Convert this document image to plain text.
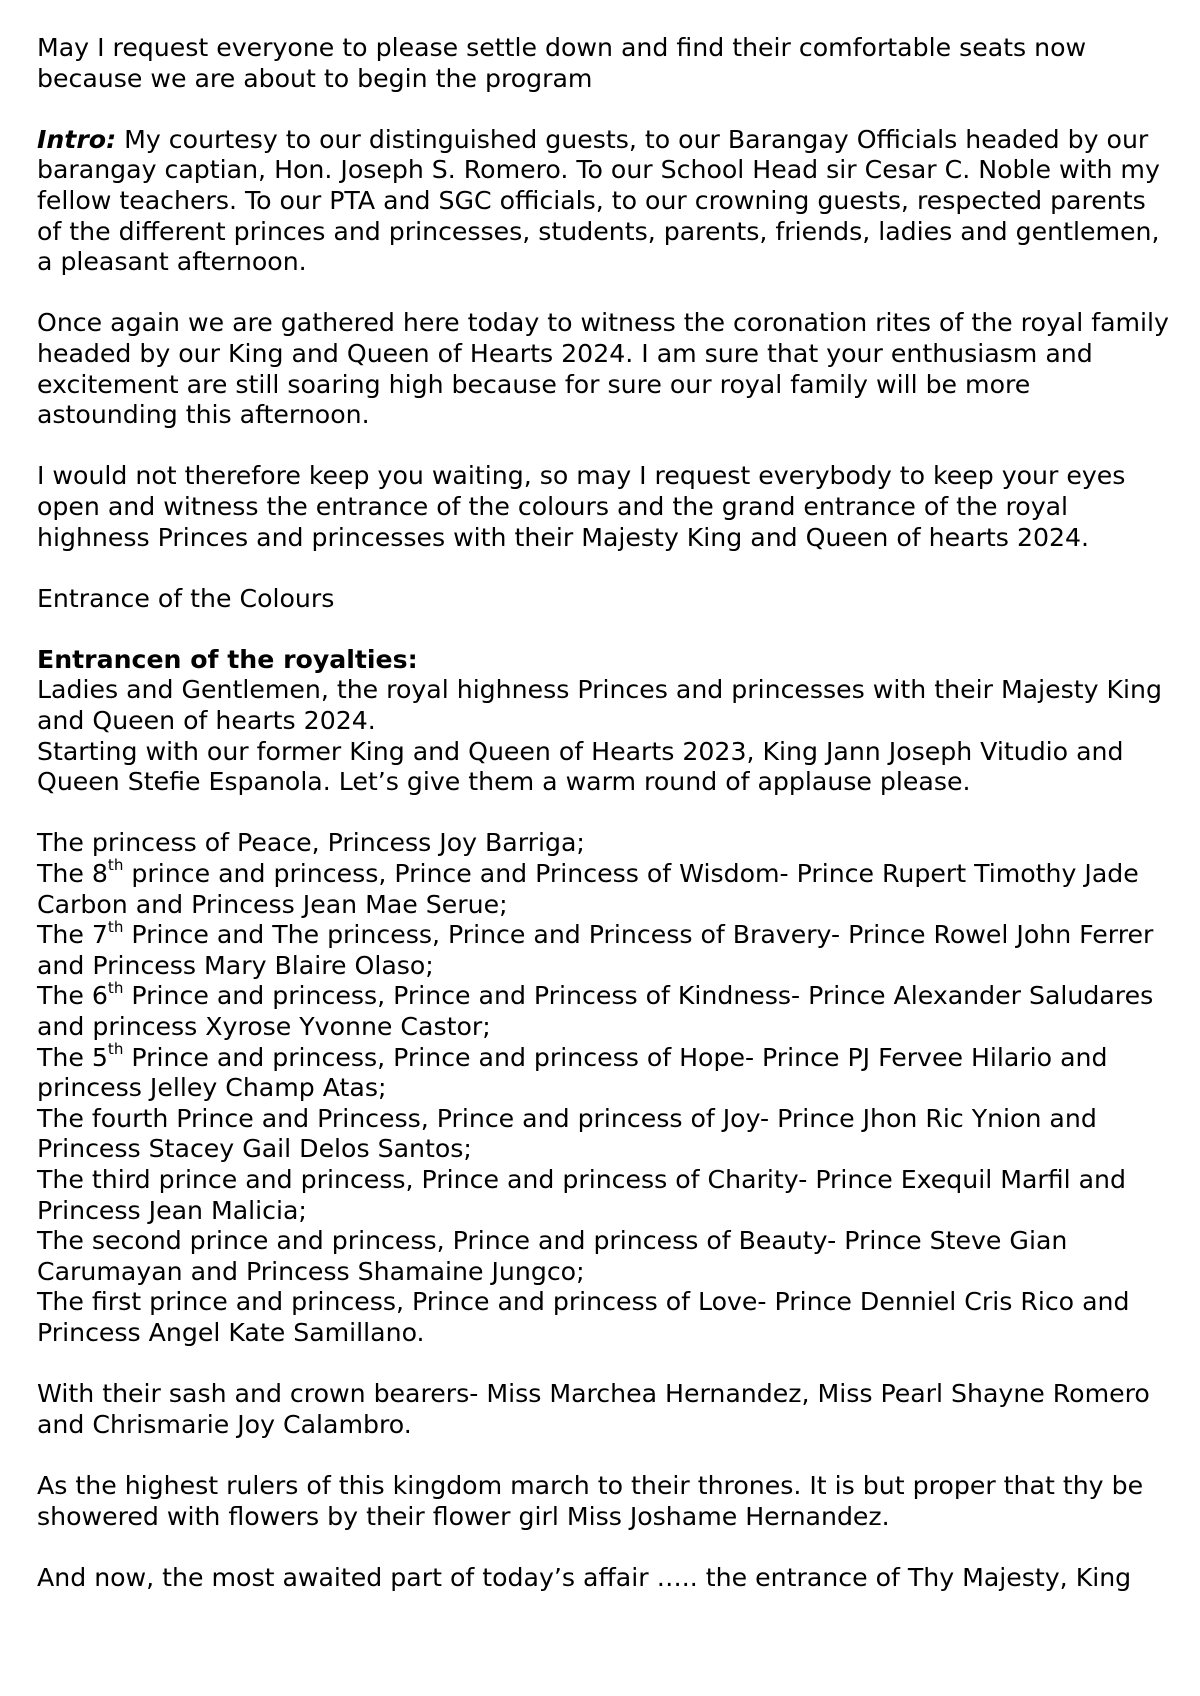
May I request everyone to please settle down and find their comfortable seats now because we are about to begin the program

Intro: My courtesy to our distinguished guests, to our Barangay Officials headed by our barangay captian, Hon. Joseph S. Romero. To our School Head sir Cesar C. Noble with my fellow teachers. To our PTA and SGC officials, to our crowning guests, respected parents of the different princes and princesses, students, parents, friends, ladies and gentlemen, a pleasant afternoon.

Once again we are gathered here today to witness the coronation rites of the royal family headed by our King and Queen of Hearts 2024. I am sure that your enthusiasm and excitement are still soaring high because for sure our royal family will be more astounding this afternoon.

I would not therefore keep you waiting, so may I request everybody to keep your eyes open and witness the entrance of the colours and the grand entrance of the royal highness Princes and princesses with their Majesty King and Queen of hearts 2024.

Entrance of the Colours

Entrancen of the royalties:
Ladies and Gentlemen, the royal highness Princes and princesses with their Majesty King and Queen of hearts 2024.
Starting with our former King and Queen of Hearts 2023, King Jann Joseph Vitudio and Queen Stefie Espanola. Let’s give them a warm round of applause please.
The princess of Peace, Princess Joy Barriga;
The 8th prince and princess, Prince and Princess of Wisdom- Prince Rupert Timothy Jade Carbon and Princess Jean Mae Serue;
The 7th Prince and The princess, Prince and Princess of Bravery- Prince Rowel John Ferrer and Princess Mary Blaire Olaso;
The 6th Prince and princess, Prince and Princess of Kindness- Prince Alexander Saludares and princess Xyrose Yvonne Castor;
The 5th Prince and princess, Prince and princess of Hope- Prince PJ Fervee Hilario and princess Jelley Champ Atas;
The fourth Prince and Princess, Prince and princess of Joy- Prince Jhon Ric Ynion and Princess Stacey Gail Delos Santos;
The third prince and princess, Prince and princess of Charity- Prince Exequil Marfil and Princess Jean Malicia;
The second prince and princess, Prince and princess of Beauty- Prince Steve Gian Carumayan and Princess Shamaine Jungco;
The first prince and princess, Prince and princess of Love- Prince Denniel Cris Rico and Princess Angel Kate Samillano.

With their sash and crown bearers- Miss Marchea Hernandez, Miss Pearl Shayne Romero and Chrismarie Joy Calambro.

As the highest rulers of this kingdom march to their thrones. It is but proper that thy be showered with flowers by their flower girl Miss Joshame Hernandez.

And now, the most awaited part of today’s affair ….. the entrance of Thy Majesty, King
